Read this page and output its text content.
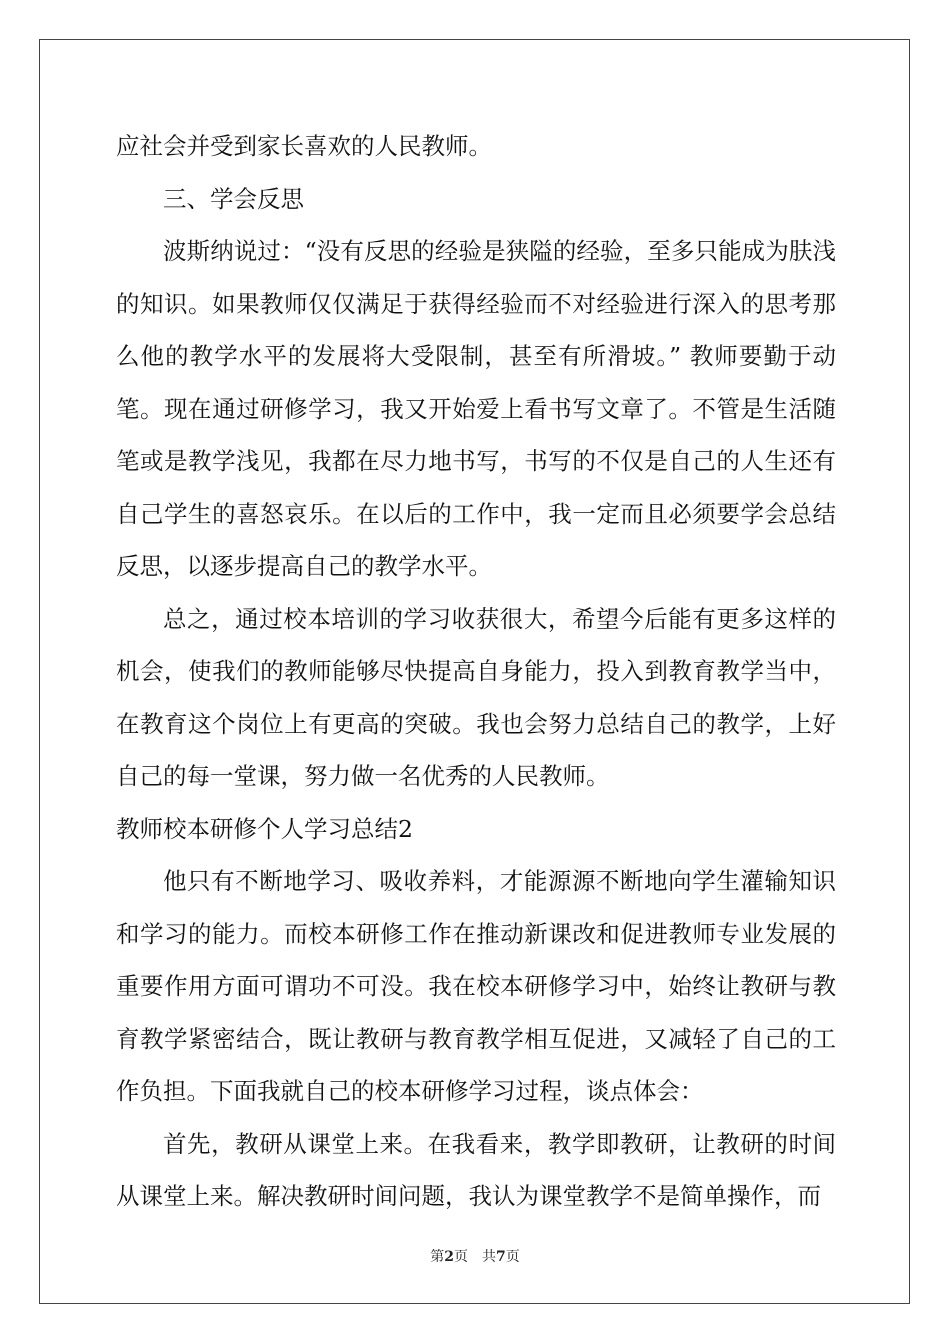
应社会并受到家长喜欢的人民教师。

三、学会反思

波斯纳说过：“没有反思的经验是狭隘的经验，至多只能成为肤浅的知识。如果教师仅仅满足于获得经验而不对经验进行深入的思考那么他的教学水平的发展将大受限制，甚至有所滑坡。” 教师要勤于动笔。现在通过研修学习，我又开始爱上看书写文章了。不管是生活随笔或是教学浅见，我都在尽力地书写，书写的不仅是自己的人生还有自己学生的喜怒哀乐。在以后的工作中，我一定而且必须要学会总结反思，以逐步提高自己的教学水平。

总之，通过校本培训的学习收获很大，希望今后能有更多这样的机会，使我们的教师能够尽快提高自身能力，投入到教育教学当中，在教育这个岗位上有更高的突破。我也会努力总结自己的教学，上好自己的每一堂课，努力做一名优秀的人民教师。

教师校本研修个人学习总结2

他只有不断地学习、吸收养料，才能源源不断地向学生灌输知识和学习的能力。而校本研修工作在推动新课改和促进教师专业发展的重要作用方面可谓功不可没。我在校本研修学习中，始终让教研与教育教学紧密结合，既让教研与教育教学相互促进，又减轻了自己的工作负担。下面我就自己的校本研修学习过程，谈点体会：

首先，教研从课堂上来。在我看来，教学即教研，让教研的时间从课堂上来。解决教研时间问题，我认为课堂教学不是简单操作，而

第2页　共7页
